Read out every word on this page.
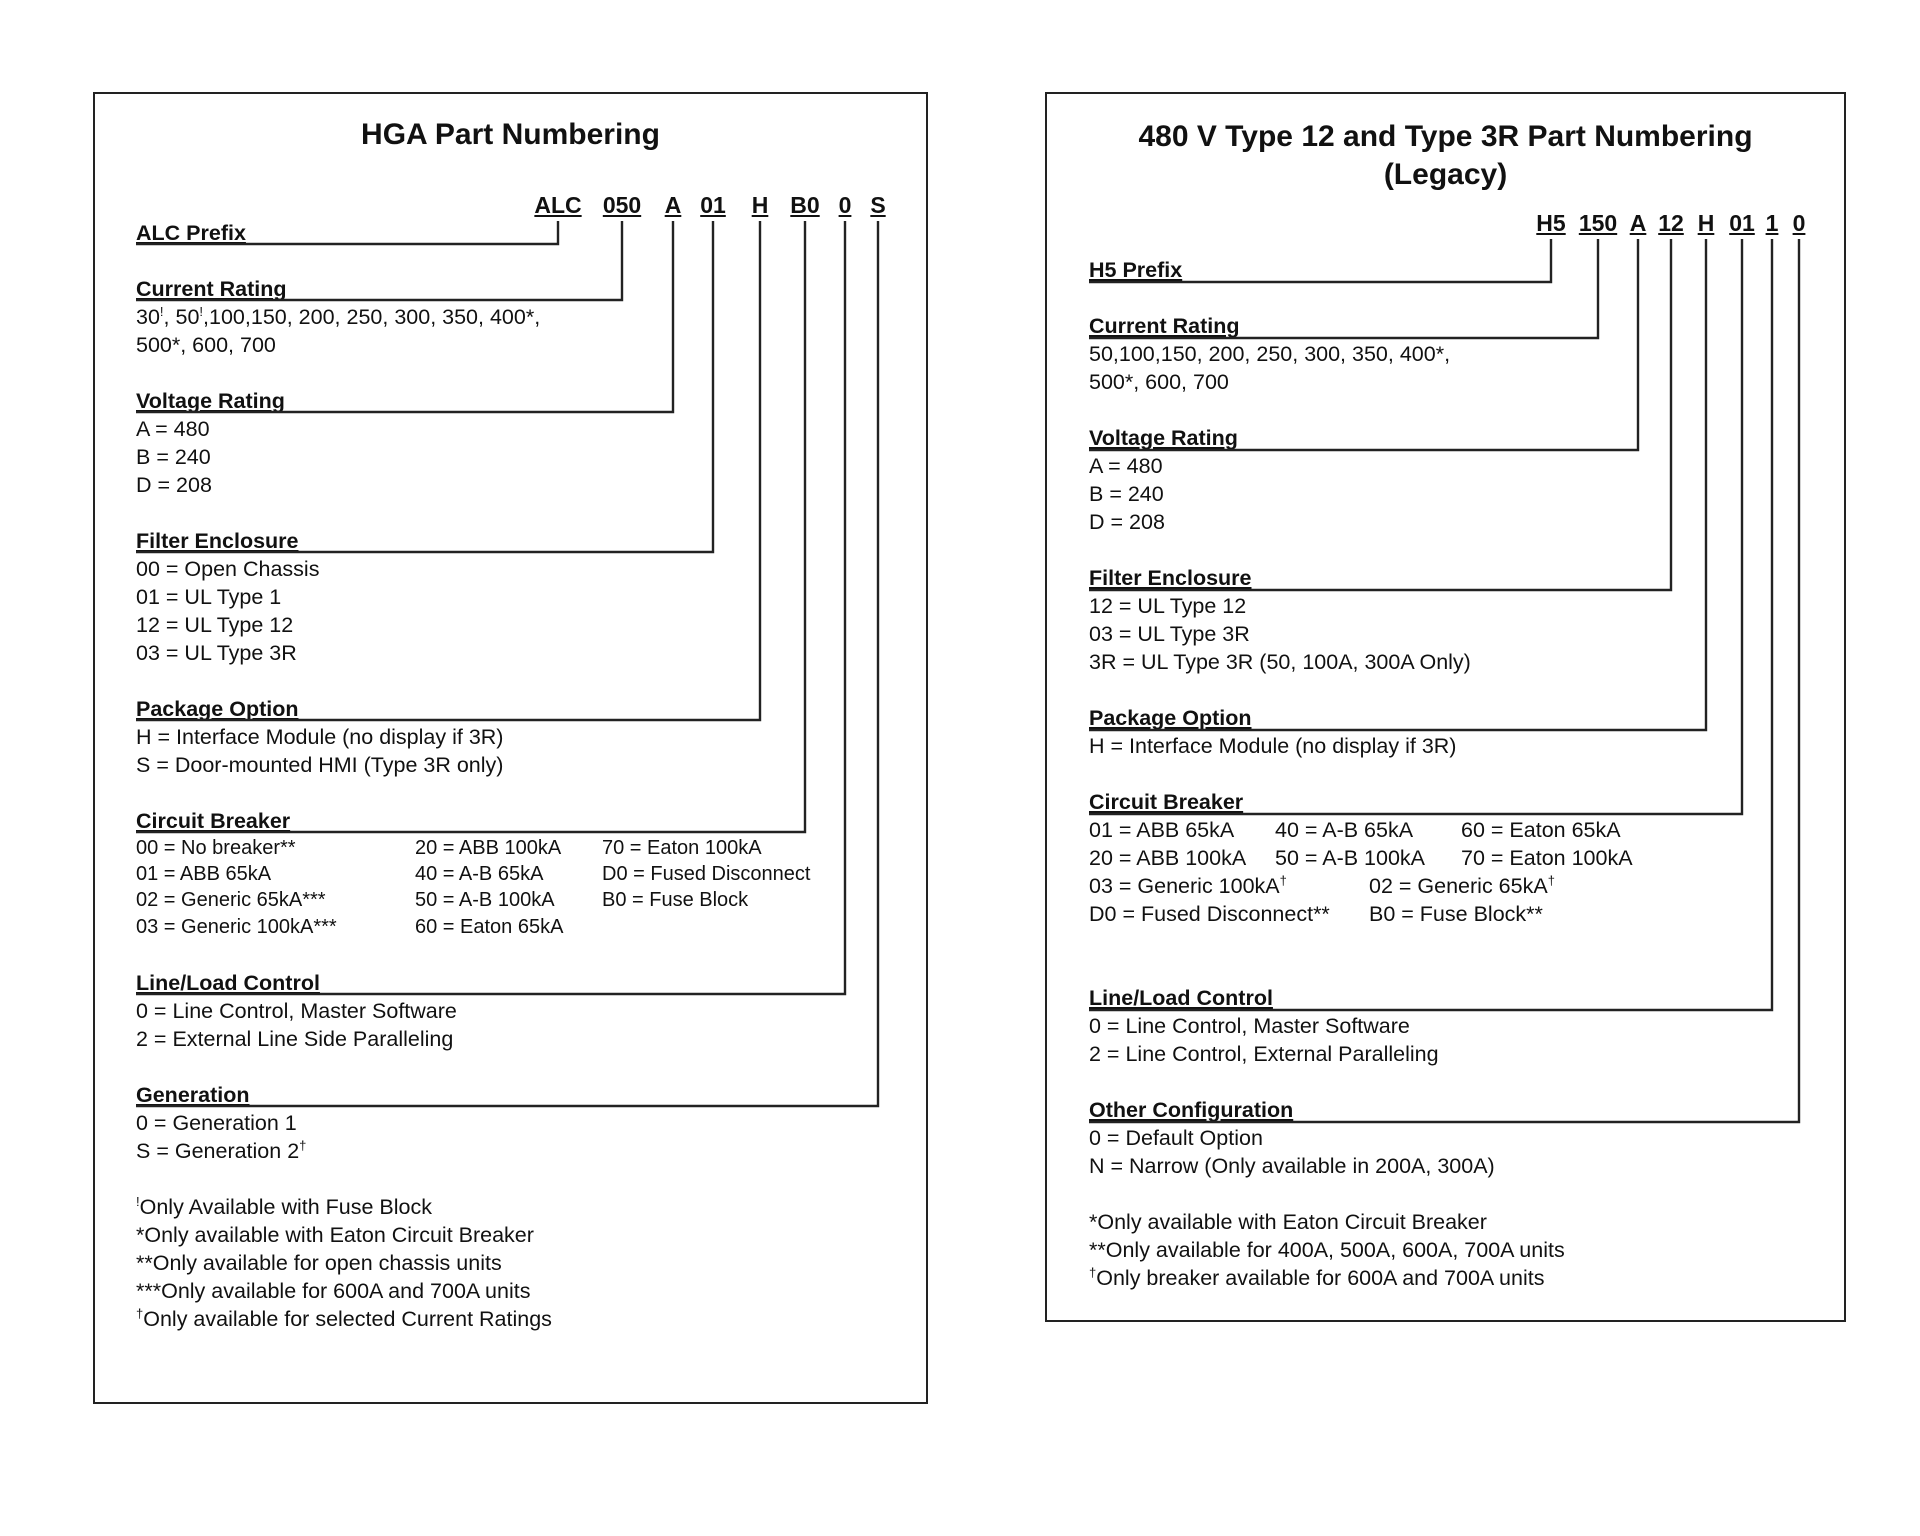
HGA Part Numbering
ALC 050 A 01 H B0 0 S
ALC Prefix
Current Rating
30!, 50!,100,150, 200, 250, 300, 350, 400*,
500*, 600, 700
Voltage Rating
A = 480
B = 240
D = 208
Filter Enclosure
00 = Open Chassis
01 = UL Type 1
12 = UL Type 12
03 = UL Type 3R
Package Option
H = Interface Module (no display if 3R)
S = Door-mounted HMI (Type 3R only)
Circuit Breaker
00 = No breaker**
01 = ABB 65kA
02 = Generic 65kA***
03 = Generic 100kA***
20 = ABB 100kA
40 = A-B 65kA
50 = A-B 100kA
60 = Eaton 65kA
70 = Eaton 100kA
D0 = Fused Disconnect
B0 = Fuse Block
Line/Load Control
0 = Line Control, Master Software
2 = External Line Side Paralleling
Generation
0 = Generation 1
S = Generation 2†
!Only Available with Fuse Block
*Only available with Eaton Circuit Breaker
**Only available for open chassis units
***Only available for 600A and 700A units
†Only available for selected Current Ratings
480 V Type 12 and Type 3R Part Numbering
(Legacy)
H5 150 A 12 H 01 1 0
H5 Prefix
Current Rating
50,100,150, 200, 250, 300, 350, 400*,
500*, 600, 700
Voltage Rating
A = 480
B = 240
D = 208
Filter Enclosure
12 = UL Type 12
03 = UL Type 3R
3R = UL Type 3R (50, 100A, 300A Only)
Package Option
H = Interface Module (no display if 3R)
Circuit Breaker
01 = ABB 65kA 40 = A-B 65kA 60 = Eaton 65kA
20 = ABB 100kA 50 = A-B 100kA 70 = Eaton 100kA
03 = Generic 100kA†	02 = Generic 65kA†
D0 = Fused Disconnect** B0 = Fuse Block**
Line/Load Control
0 = Line Control, Master Software
2 = Line Control, External Paralleling
Other Configuration
0 = Default Option
N = Narrow (Only available in 200A, 300A)
*Only available with Eaton Circuit Breaker
**Only available for 400A, 500A, 600A, 700A units
†Only breaker available for 600A and 700A units
